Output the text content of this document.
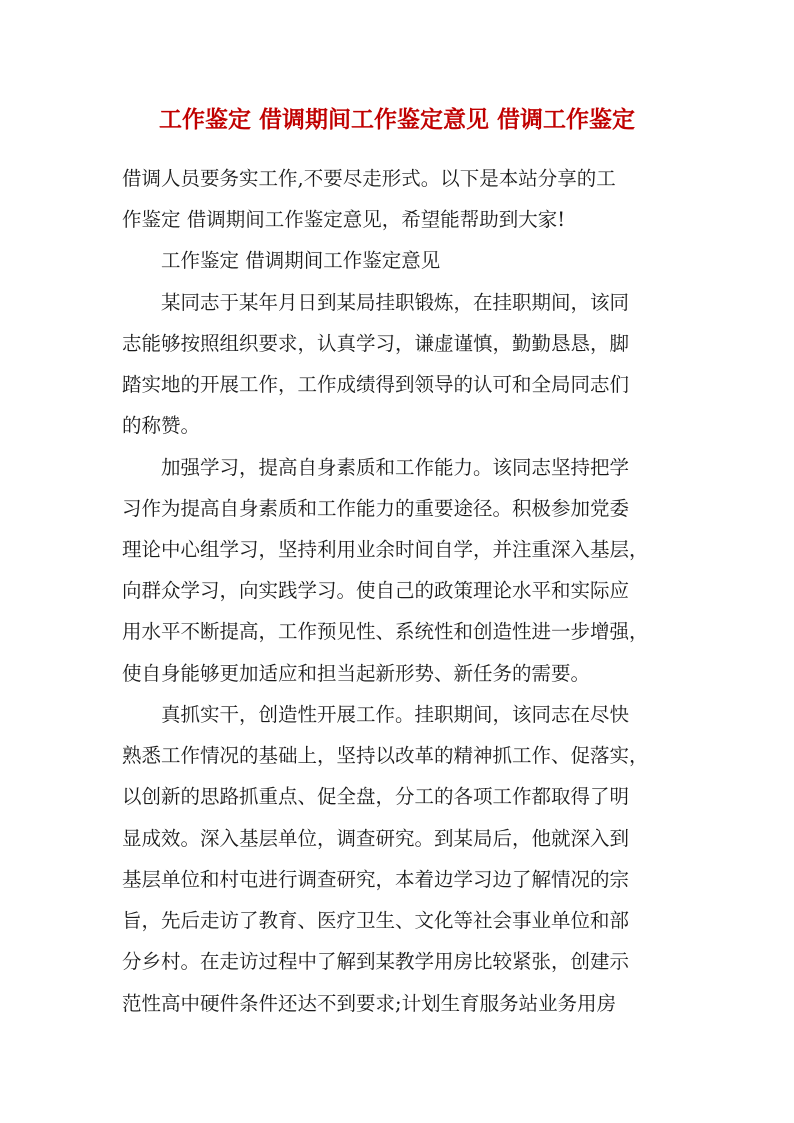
工作鉴定 借调期间工作鉴定意见 借调工作鉴定
借调人员要务实工作,不要尽走形式。以下是本站分享的工
作鉴定 借调期间工作鉴定意见，希望能帮助到大家!
工作鉴定 借调期间工作鉴定意见
某同志于某年月日到某局挂职锻炼，在挂职期间，该同
志能够按照组织要求，认真学习，谦虚谨慎，勤勤恳恳，脚
踏实地的开展工作，工作成绩得到领导的认可和全局同志们
的称赞。
加强学习，提高自身素质和工作能力。该同志坚持把学
习作为提高自身素质和工作能力的重要途径。积极参加党委
理论中心组学习，坚持利用业余时间自学，并注重深入基层，
向群众学习，向实践学习。使自己的政策理论水平和实际应
用水平不断提高，工作预见性、系统性和创造性进一步增强，
使自身能够更加适应和担当起新形势、新任务的需要。
真抓实干，创造性开展工作。挂职期间，该同志在尽快
熟悉工作情况的基础上，坚持以改革的精神抓工作、促落实，
以创新的思路抓重点、促全盘，分工的各项工作都取得了明
显成效。深入基层单位，调查研究。到某局后，他就深入到
基层单位和村屯进行调查研究，本着边学习边了解情况的宗
旨，先后走访了教育、医疗卫生、文化等社会事业单位和部
分乡村。在走访过程中了解到某教学用房比较紧张，创建示
范性高中硬件条件还达不到要求;计划生育服务站业务用房
